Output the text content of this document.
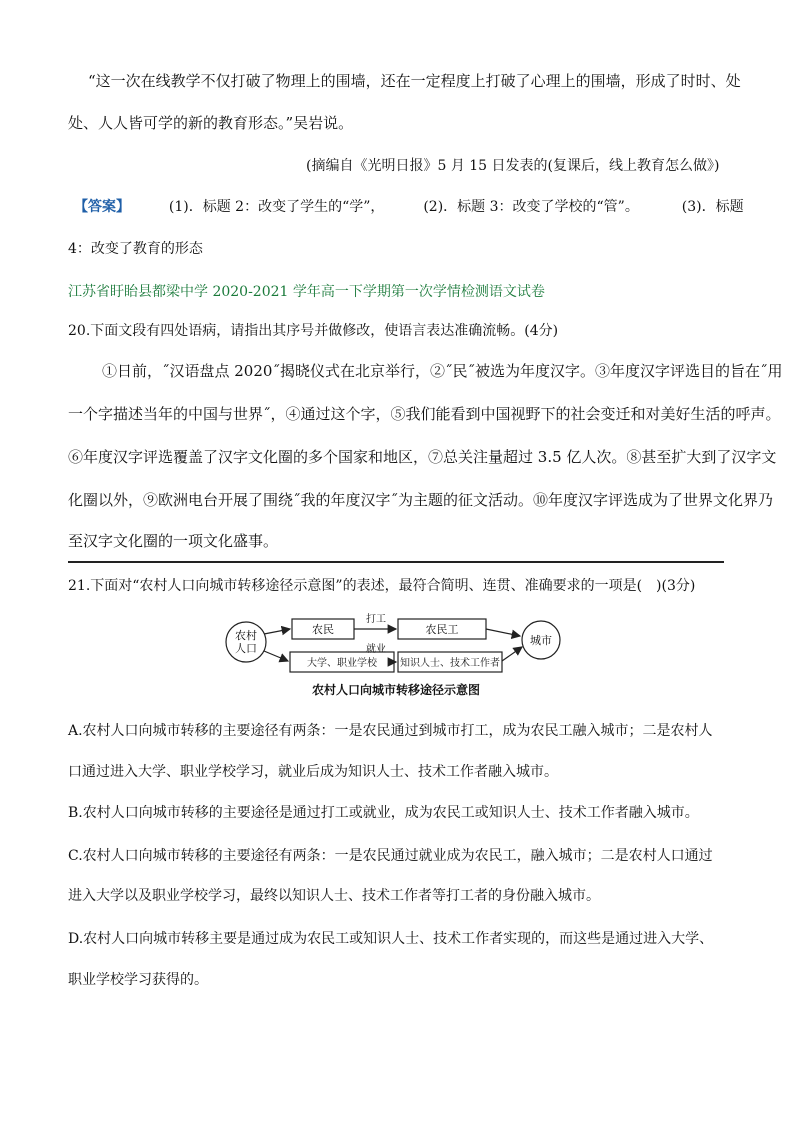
“这一次在线教学不仅打破了物理上的围墙，还在一定程度上打破了心理上的围墙，形成了时时、处
处、人人皆可学的新的教育形态。”吴岩说。
(摘编自《光明日报》5 月 15 日发表的(复课后，线上教育怎么做》)
【答案】	(1)．标题 2：改变了学生的“学”，	(2)．标题 3：改变了学校的“管”。	(3)．标题
4：改变了教育的形态
江苏省盱眙县都梁中学 2020-2021 学年高一下学期第一次学情检测语文试卷
20.下面文段有四处语病，请指出其序号并做修改，使语言表达准确流畅。(4分)
①日前，˝汉语盘点 2020˝揭晓仪式在北京举行，②˝民˝被选为年度汉字。③年度汉字评选目的旨在˝用
一个字描述当年的中国与世界˝，④通过这个字，⑤我们能看到中国视野下的社会变迁和对美好生活的呼声。
⑥年度汉字评选覆盖了汉字文化圈的多个国家和地区，⑦总关注量超过 3.5 亿人次。⑧甚至扩大到了汉字文
化圈以外，⑨欧洲电台开展了围绕˝我的年度汉字˝为主题的征文活动。⑩年度汉字评选成为了世界文化界乃
至汉字文化圈的一项文化盛事。
21.下面对“农村人口向城市转移途径示意图”的表述，最符合简明、连贯、准确要求的一项是(　)(3分)
农村
人口
农民	农民工
大学、职业学校 知识人士、技术工作者
城市
打工
就业
农村人口向城市转移途径示意图
A.农村人口向城市转移的主要途径有两条：一是农民通过到城市打工，成为农民工融入城市；二是农村人
口通过进入大学、职业学校学习，就业后成为知识人士、技术工作者融入城市。
B.农村人口向城市转移的主要途径是通过打工或就业，成为农民工或知识人士、技术工作者融入城市。
C.农村人口向城市转移的主要途径有两条：一是农民通过就业成为农民工，融入城市；二是农村人口通过
进入大学以及职业学校学习，最终以知识人士、技术工作者等打工者的身份融入城市。
D.农村人口向城市转移主要是通过成为农民工或知识人士、技术工作者实现的，而这些是通过进入大学、
职业学校学习获得的。
